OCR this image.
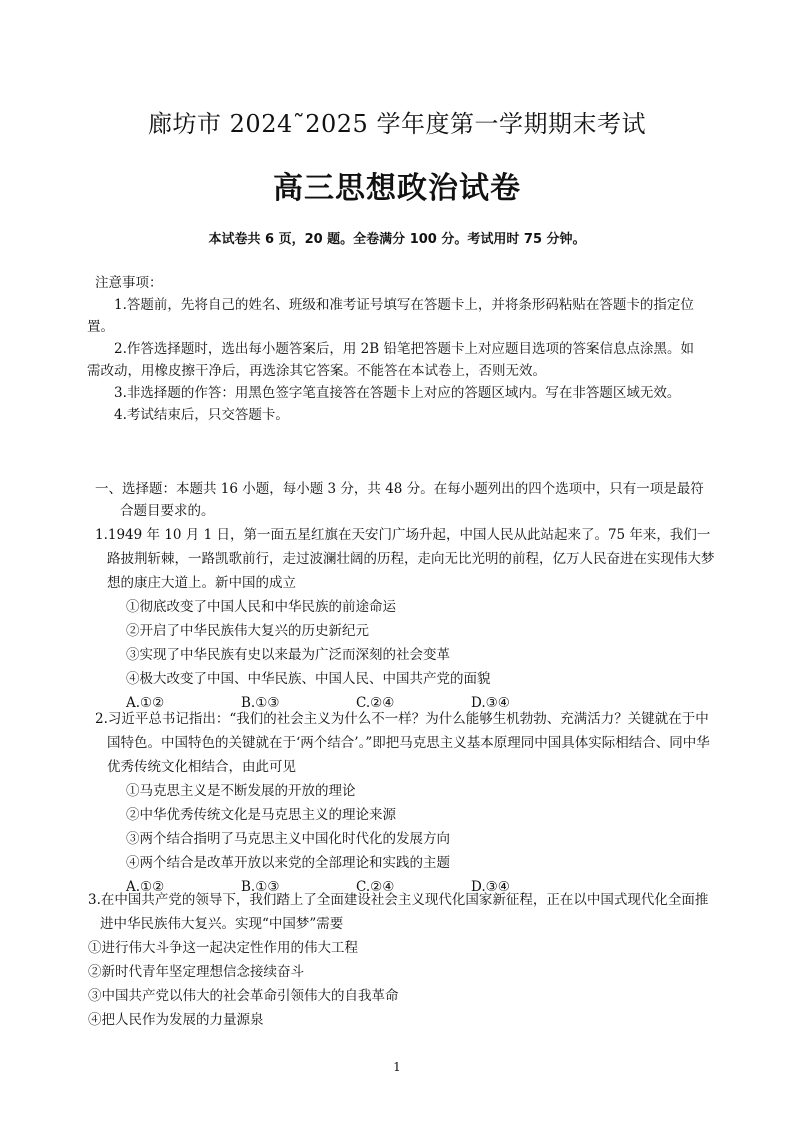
廊坊市 2024˜2025 学年度第一学期期末考试
高三思想政治试卷
本试卷共 6 页，20 题。全卷满分 100 分。考试用时 75 分钟。
注意事项：
1.答题前，先将自己的姓名、班级和准考证号填写在答题卡上，并将条形码粘贴在答题卡的指定位置。
2.作答选择题时，选出每小题答案后，用 2B 铅笔把答题卡上对应题目选项的答案信息点涂黑。如需改动，用橡皮擦干净后，再选涂其它答案。不能答在本试卷上，否则无效。
3.非选择题的作答：用黑色签字笔直接答在答题卡上对应的答题区域内。写在非答题区域无效。
4.考试结束后，只交答题卡。
一、选择题：本题共 16 小题，每小题 3 分，共 48 分。在每小题列出的四个选项中，只有一项是最符合题目要求的。
1.1949 年 10 月 1 日，第一面五星红旗在天安门广场升起，中国人民从此站起来了。75 年来，我们一路披荆斩棘，一路凯歌前行，走过波澜壮阔的历程，走向无比光明的前程，亿万人民奋进在实现伟大梦想的康庄大道上。新中国的成立
①彻底改变了中国人民和中华民族的前途命运
②开启了中华民族伟大复兴的历史新纪元
③实现了中华民族有史以来最为广泛而深刻的社会变革
④极大改变了中国、中华民族、中国人民、中国共产党的面貌
A.①②	B.①③	C.②④	D.③④
2.习近平总书记指出：“我们的社会主义为什么不一样？为什么能够生机勃勃、充满活力？关键就在于中国特色。中国特色的关键就在于‘两个结合’。”即把马克思主义基本原理同中国具体实际相结合、同中华优秀传统文化相结合，由此可见
①马克思主义是不断发展的开放的理论
②中华优秀传统文化是马克思主义的理论来源
③两个结合指明了马克思主义中国化时代化的发展方向
④两个结合是改革开放以来党的全部理论和实践的主题
A.①②	B.①③	C.②④	D.③④
3.在中国共产党的领导下，我们踏上了全面建设社会主义现代化国家新征程，正在以中国式现代化全面推进中华民族伟大复兴。实现“中国梦”需要
①进行伟大斗争这一起决定性作用的伟大工程
②新时代青年坚定理想信念接续奋斗
③中国共产党以伟大的社会革命引领伟大的自我革命
④把人民作为发展的力量源泉
1
